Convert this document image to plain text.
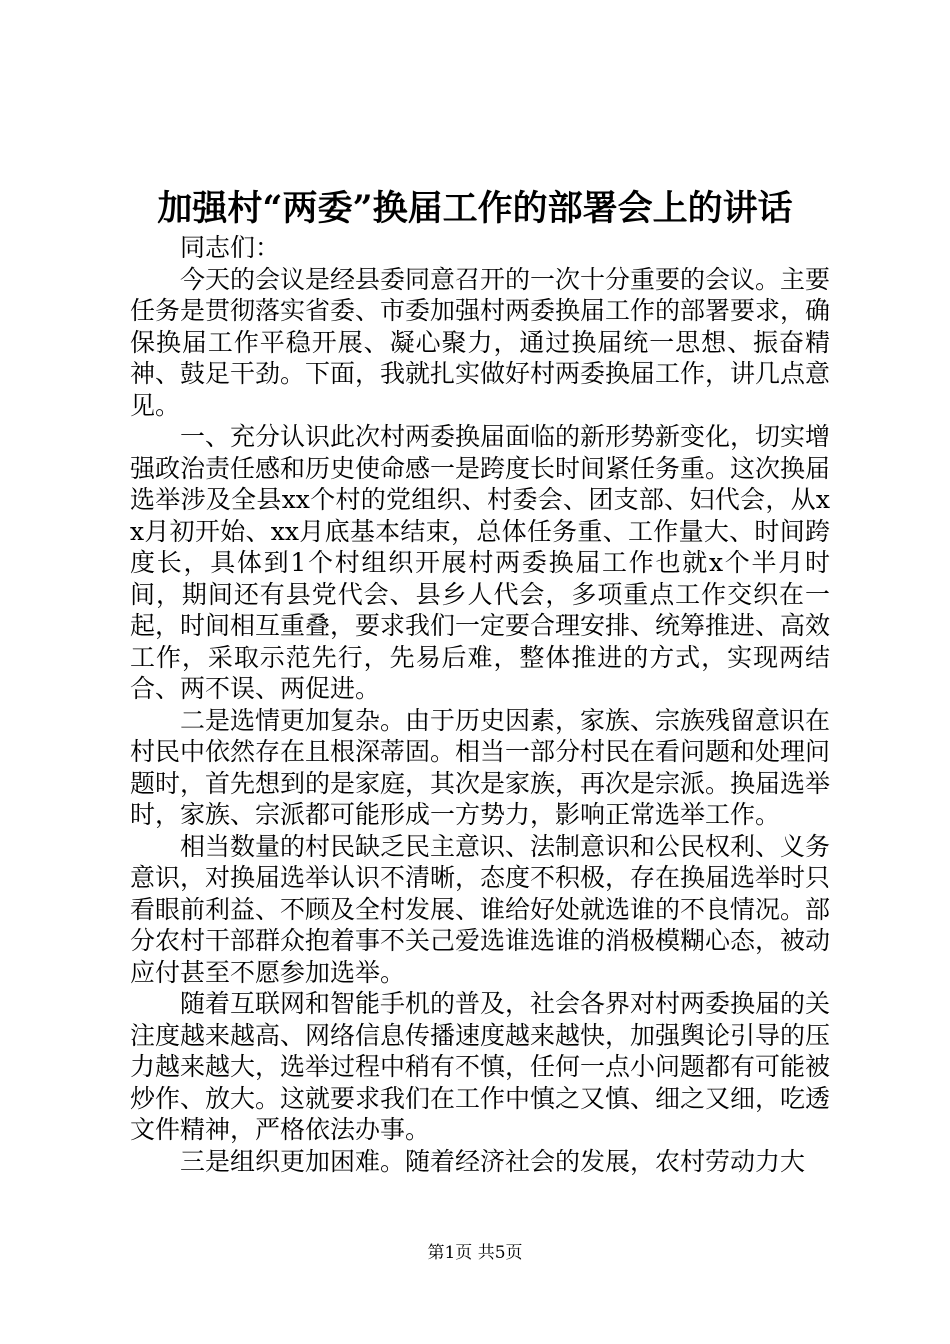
加强村“两委”换届工作的部署会上的讲话

同志们：

今天的会议是经县委同意召开的一次十分重要的会议。主要任务是贯彻落实省委、市委加强村两委换届工作的部署要求，确保换届工作平稳开展、凝心聚力，通过换届统一思想、振奋精神、鼓足干劲。下面，我就扎实做好村两委换届工作，讲几点意见。

一、充分认识此次村两委换届面临的新形势新变化，切实增强政治责任感和历史使命感一是跨度长时间紧任务重。这次换届选举涉及全县xx个村的党组织、村委会、团支部、妇代会，从xx月初开始、xx月底基本结束，总体任务重、工作量大、时间跨度长，具体到1个村组织开展村两委换届工作也就x个半月时间，期间还有县党代会、县乡人代会，多项重点工作交织在一起，时间相互重叠，要求我们一定要合理安排、统筹推进、高效工作，采取示范先行，先易后难，整体推进的方式，实现两结合、两不误、两促进。

二是选情更加复杂。由于历史因素，家族、宗族残留意识在村民中依然存在且根深蒂固。相当一部分村民在看问题和处理问题时，首先想到的是家庭，其次是家族，再次是宗派。换届选举时，家族、宗派都可能形成一方势力，影响正常选举工作。

相当数量的村民缺乏民主意识、法制意识和公民权利、义务意识，对换届选举认识不清晰，态度不积极，存在换届选举时只看眼前利益、不顾及全村发展、谁给好处就选谁的不良情况。部分农村干部群众抱着事不关己爱选谁选谁的消极模糊心态，被动应付甚至不愿参加选举。

随着互联网和智能手机的普及，社会各界对村两委换届的关注度越来越高、网络信息传播速度越来越快，加强舆论引导的压力越来越大，选举过程中稍有不慎，任何一点小问题都有可能被炒作、放大。这就要求我们在工作中慎之又慎、细之又细，吃透文件精神，严格依法办事。

三是组织更加困难。随着经济社会的发展，农村劳动力大

第1页 共5页
